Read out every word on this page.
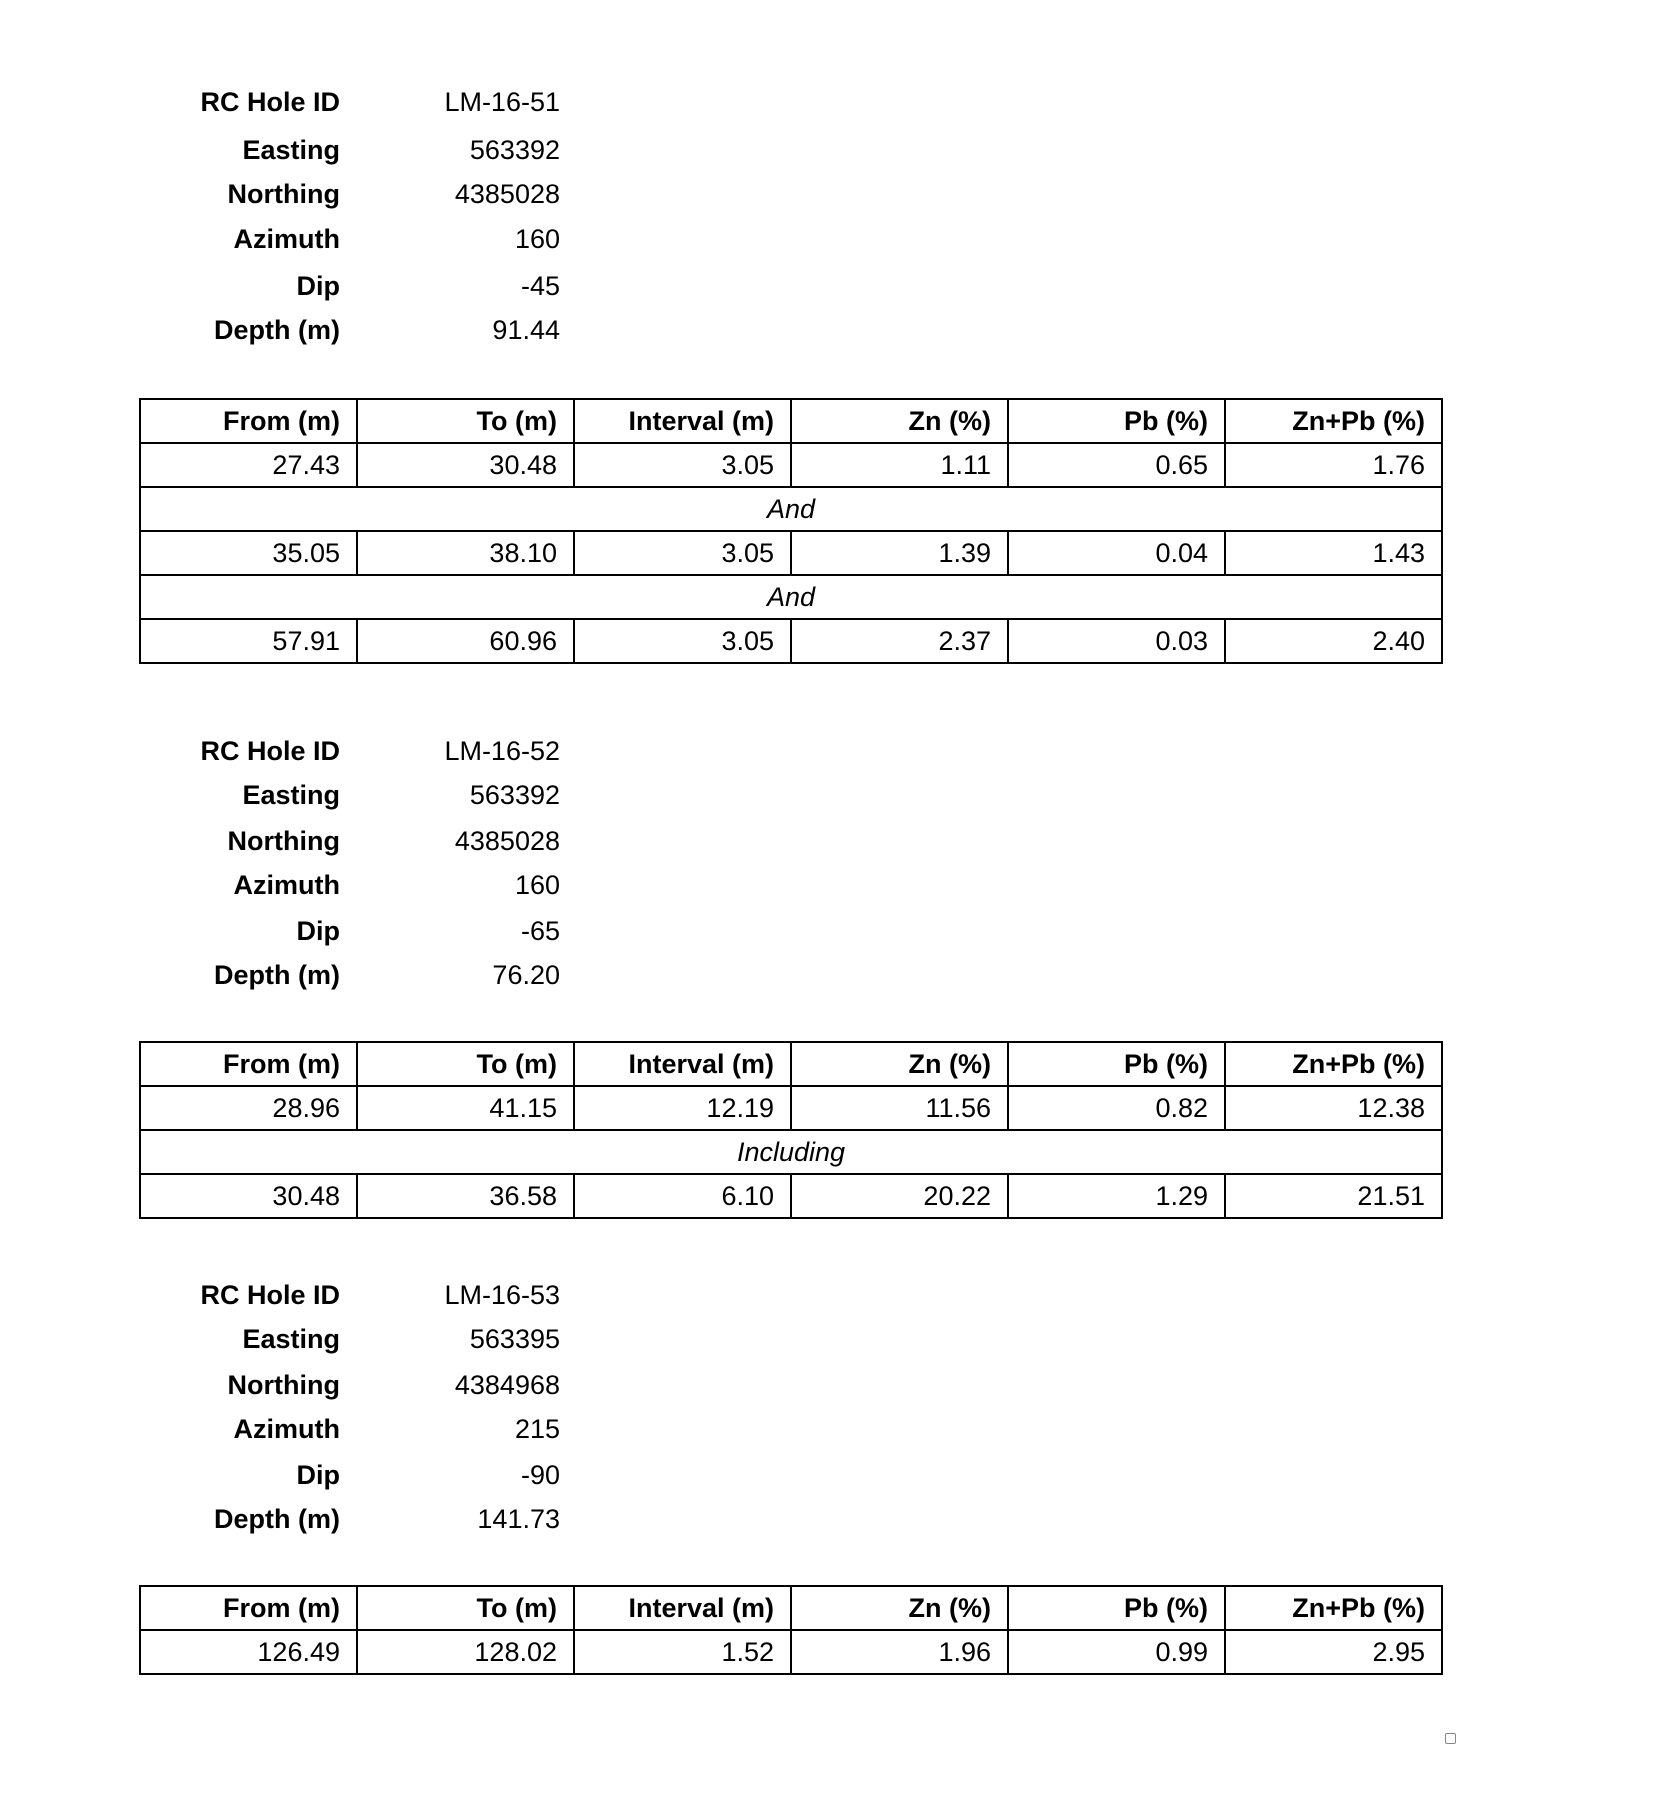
RC Hole ID	LM-16-51
Easting	563392
Northing	4385028
Azimuth	160
Dip	-45
Depth (m)	91.44
From (m)	To (m)	Interval (m)	Zn (%)	Pb (%)	Zn+Pb (%)
27.43	30.48	3.05	1.11	0.65	1.76
And					
35.05	38.10	3.05	1.39	0.04	1.43
And					
57.91	60.96	3.05	2.37	0.03	2.40
RC Hole ID	LM-16-52
Easting	563392
Northing	4385028
Azimuth	160
Dip	-65
Depth (m)	76.20
From (m)	To (m)	Interval (m)	Zn (%)	Pb (%)	Zn+Pb (%)
28.96	41.15	12.19	11.56	0.82	12.38
Including					
30.48	36.58	6.10	20.22	1.29	21.51
RC Hole ID	LM-16-53
Easting	563395
Northing	4384968
Azimuth	215
Dip	-90
Depth (m)	141.73
From (m)	To (m)	Interval (m)	Zn (%)	Pb (%)	Zn+Pb (%)
126.49	128.02	1.52	1.96	0.99	2.95
